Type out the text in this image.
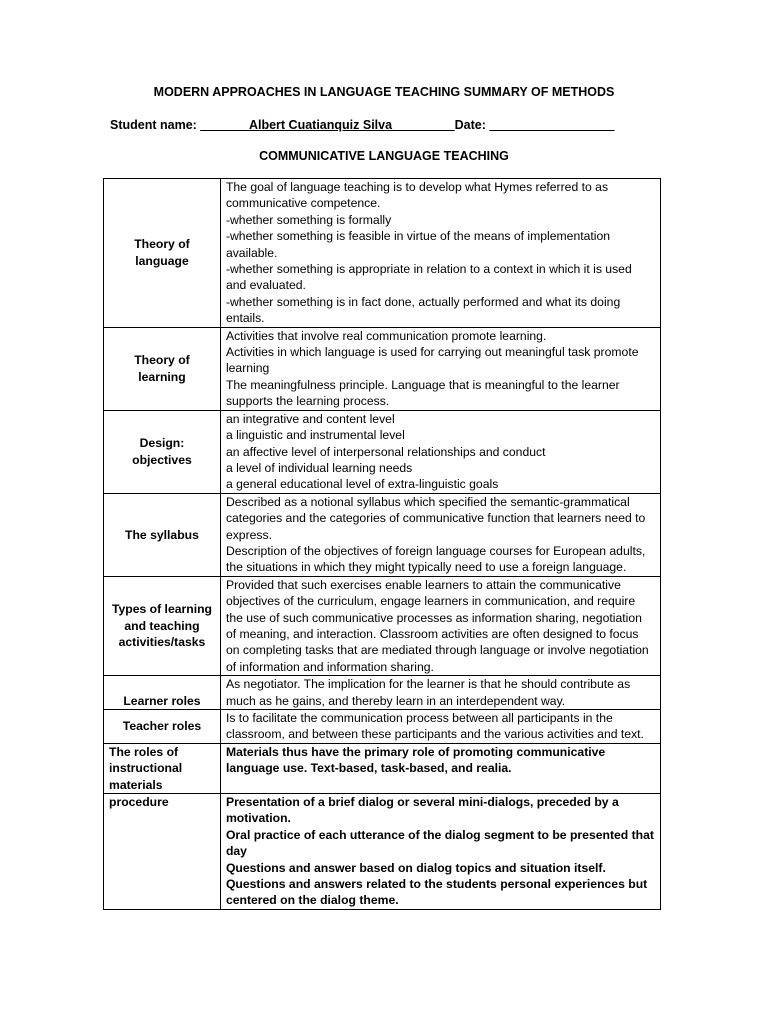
MODERN APPROACHES IN LANGUAGE TEACHING SUMMARY OF METHODS
Student name: _______Albert Cuatianquiz Silva_________Date: __________________
COMMUNICATIVE LANGUAGE TEACHING
Theory of language	The goal of language teaching is to develop what Hymes referred to as communicative competence.
-whether something is formally
-whether something is feasible in virtue of the means of implementation available.
-whether something is appropriate in relation to a context in which it is used and evaluated.
-whether something is in fact done, actually performed and what its doing entails.

Theory of learning	Activities that involve real communication promote learning.
Activities in which language is used for carrying out meaningful task promote learning
The meaningfulness principle. Language that is meaningful to the learner supports the learning process.

Design: objectives	an integrative and content level
a linguistic and instrumental level
an affective level of interpersonal relationships and conduct
a level of individual learning needs
a general educational level of extra-linguistic goals

The syllabus	Described as a notional syllabus which specified the semantic-grammatical categories and the categories of communicative function that learners need to express.
Description of the objectives of foreign language courses for European adults, the situations in which they might typically need to use a foreign language.

Types of learning and teaching activities/tasks	Provided that such exercises enable learners to attain the communicative objectives of the curriculum, engage learners in communication, and require the use of such communicative processes as information sharing, negotiation of meaning, and interaction. Classroom activities are often designed to focus on completing tasks that are mediated through language or involve negotiation of information and information sharing.

Learner roles	As negotiator. The implication for the learner is that he should contribute as much as he gains, and thereby learn in an interdependent way.

Teacher roles	Is to facilitate the communication process between all participants in the classroom, and between these participants and the various activities and text.

The roles of instructional materials	Materials thus have the primary role of promoting communicative language use. Text-based, task-based, and realia.

procedure	Presentation of a brief dialog or several mini-dialogs, preceded by a motivation.
Oral practice of each utterance of the dialog segment to be presented that day
Questions and answer based on dialog topics and situation itself.
Questions and answers related to the students personal experiences but centered on the dialog theme.
